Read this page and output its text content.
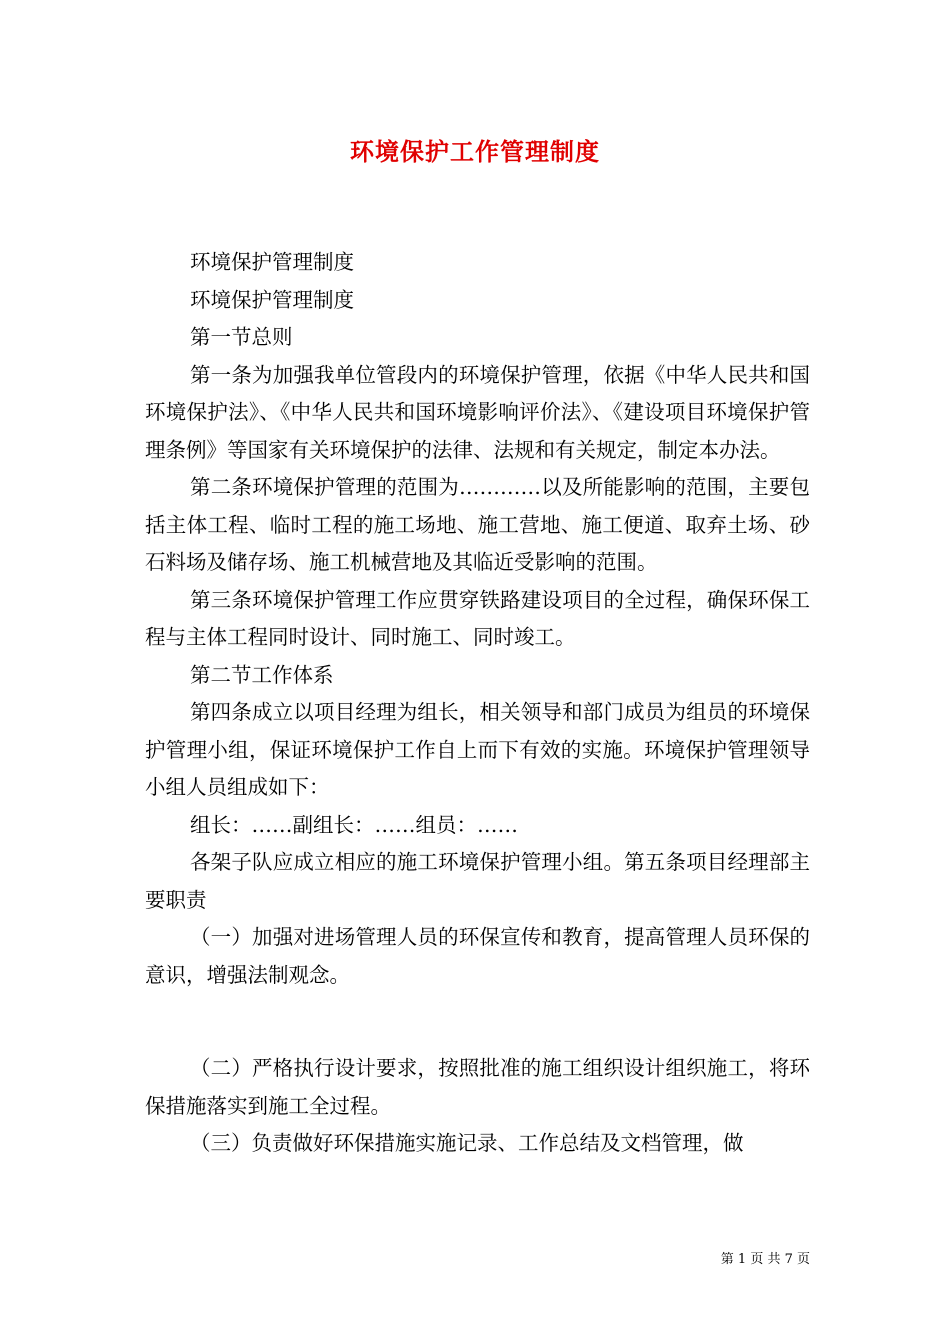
环境保护工作管理制度

环境保护管理制度

环境保护管理制度

第一节总则

第一条为加强我单位管段内的环境保护管理，依据《中华人民共和国环境保护法》、《中华人民共和国环境影响评价法》、《建设项目环境保护管理条例》等国家有关环境保护的法律、法规和有关规定，制定本办法。

第二条环境保护管理的范围为…………以及所能影响的范围，主要包括主体工程、临时工程的施工场地、施工营地、施工便道、取弃土场、砂石料场及储存场、施工机械营地及其临近受影响的范围。

第三条环境保护管理工作应贯穿铁路建设项目的全过程，确保环保工程与主体工程同时设计、同时施工、同时竣工。

第二节工作体系

第四条成立以项目经理为组长，相关领导和部门成员为组员的环境保护管理小组，保证环境保护工作自上而下有效的实施。环境保护管理领导小组人员组成如下：

组长：……副组长：……组员：……

各架子队应成立相应的施工环境保护管理小组。第五条项目经理部主要职责

（一）加强对进场管理人员的环保宣传和教育，提高管理人员环保的意识，增强法制观念。

（二）严格执行设计要求，按照批准的施工组织设计组织施工，将环保措施落实到施工全过程。

（三）负责做好环保措施实施记录、工作总结及文档管理，做

第 1 页 共 7 页
